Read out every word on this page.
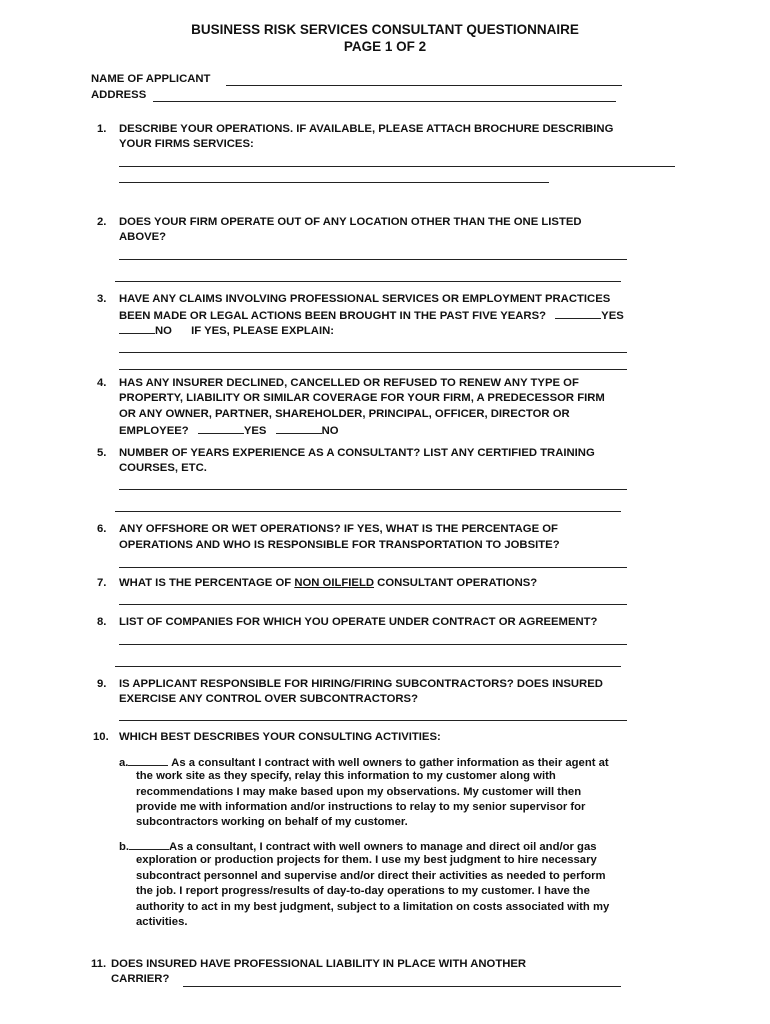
BUSINESS RISK SERVICES CONSULTANT QUESTIONNAIRE
PAGE 1 OF 2
NAME OF APPLICANT
ADDRESS
1. DESCRIBE YOUR OPERATIONS. IF AVAILABLE, PLEASE ATTACH BROCHURE DESCRIBING
YOUR FIRMS SERVICES:
2. DOES YOUR FIRM OPERATE OUT OF ANY LOCATION OTHER THAN THE ONE LISTED
ABOVE?
3. HAVE ANY CLAIMS INVOLVING PROFESSIONAL SERVICES OR EMPLOYMENT PRACTICES
BEEN MADE OR LEGAL ACTIONS BEEN BROUGHT IN THE PAST FIVE YEARS?	YES
NO IF YES, PLEASE EXPLAIN:
4. HAS ANY INSURER DECLINED, CANCELLED OR REFUSED TO RENEW ANY TYPE OF
PROPERTY, LIABILITY OR SIMILAR COVERAGE FOR YOUR FIRM, A PREDECESSOR FIRM
OR ANY OWNER, PARTNER, SHAREHOLDER, PRINCIPAL, OFFICER, DIRECTOR OR
EMPLOYEE?	YES	NO
5. NUMBER OF YEARS EXPERIENCE AS A CONSULTANT? LIST ANY CERTIFIED TRAINING
COURSES, ETC.
6. ANY OFFSHORE OR WET OPERATIONS? IF YES, WHAT IS THE PERCENTAGE OF
OPERATIONS AND WHO IS RESPONSIBLE FOR TRANSPORTATION TO JOBSITE?
7. WHAT IS THE PERCENTAGE OF NON OILFIELD CONSULTANT OPERATIONS?
8. LIST OF COMPANIES FOR WHICH YOU OPERATE UNDER CONTRACT OR AGREEMENT?
9. IS APPLICANT RESPONSIBLE FOR HIRING/FIRING SUBCONTRACTORS? DOES INSURED
EXERCISE ANY CONTROL OVER SUBCONTRACTORS?
10. WHICH BEST DESCRIBES YOUR CONSULTING ACTIVITIES:
a.	As a consultant I contract with well owners to gather information as their agent at
the work site as they specify, relay this information to my customer along with
recommendations I may make based upon my observations. My customer will then
provide me with information and/or instructions to relay to my senior supervisor for
subcontractors working on behalf of my customer.
b.	As a consultant, I contract with well owners to manage and direct oil and/or gas
exploration or production projects for them. I use my best judgment to hire necessary
subcontract personnel and supervise and/or direct their activities as needed to perform
the job. I report progress/results of day-to-day operations to my customer. I have the
authority to act in my best judgment, subject to a limitation on costs associated with my
activities.
11. DOES INSURED HAVE PROFESSIONAL LIABILITY IN PLACE WITH ANOTHER
CARRIER?
